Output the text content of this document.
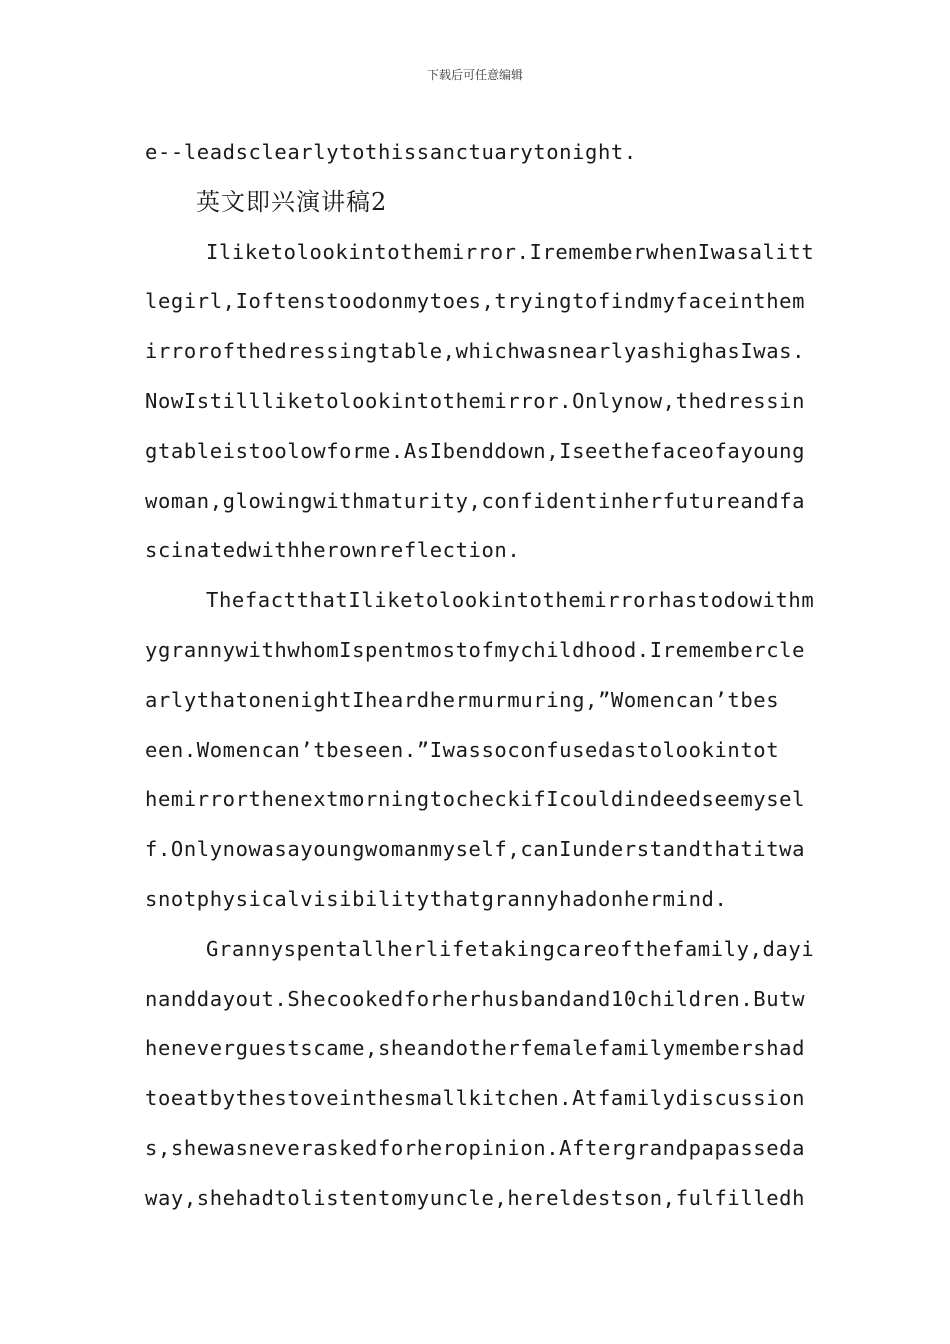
下载后可任意编辑
e--leadsclearlytothissanctuarytonight.
英文即兴演讲稿2
Iliketolookintothemirror.IrememberwhenIwasalitt
legirl,Ioftenstoodonmytoes,tryingtofindmyfaceinthem
irrorofthedressingtable,whichwasnearlyashighasIwas.
NowIstillliketolookintothemirror.Onlynow,thedressin
gtableistoolowforme.AsIbenddown,Iseethefaceofayoung
woman,glowingwithmaturity,confidentinherfutureandfa
scinatedwithherownreflection.
ThefactthatIliketolookintothemirrorhastodowithm
ygrannywithwhomIspentmostofmychildhood.Irememberclе
arlythatonenightIheardhermurmuring,”Womencan’tbes
een.Womencan’tbeseen.”Iwassoconfusedastolookintot
hemirrorthenextmorningtocheckifIcouldindeedseemysel
f.Onlynowasayoungwomanmyself,canIunderstandthatitwa
snotphysicalvisibilitythatgrannyhadonhermind.
Grannyspentallherlifetakingcareofthefamily,dayi
nanddayout.Shecookedforherhusbandand10children.Butw
heneverguestscame,sheandotherfemalefamilymembershad
toeatbythestoveinthesmallkitchen.Atfamilydiscussion
s,shewasneveraskedforheropinion.Aftergrandpapasseda
way,shehadtolistentomyuncle,hereldestson,fulfilledh
